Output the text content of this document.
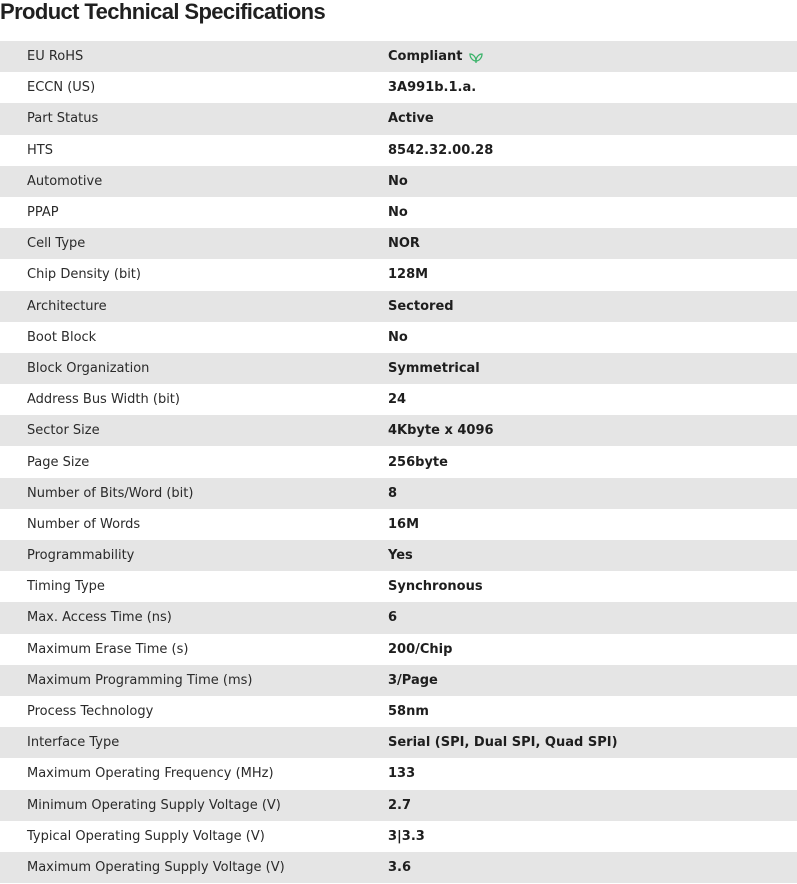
Product Technical Specifications
EU RoHS	Compliant
ECCN (US)	3A991b.1.a.
Part Status	Active
HTS	8542.32.00.28
Automotive	No
PPAP	No
Cell Type	NOR
Chip Density (bit)	128M
Architecture	Sectored
Boot Block	No
Block Organization	Symmetrical
Address Bus Width (bit)	24
Sector Size	4Kbyte x 4096
Page Size	256byte
Number of Bits/Word (bit)	8
Number of Words	16M
Programmability	Yes
Timing Type	Synchronous
Max. Access Time (ns)	6
Maximum Erase Time (s)	200/Chip
Maximum Programming Time (ms)	3/Page
Process Technology	58nm
Interface Type	Serial (SPI, Dual SPI, Quad SPI)
Maximum Operating Frequency (MHz)	133
Minimum Operating Supply Voltage (V)	2.7
Typical Operating Supply Voltage (V)	3|3.3
Maximum Operating Supply Voltage (V)	3.6
